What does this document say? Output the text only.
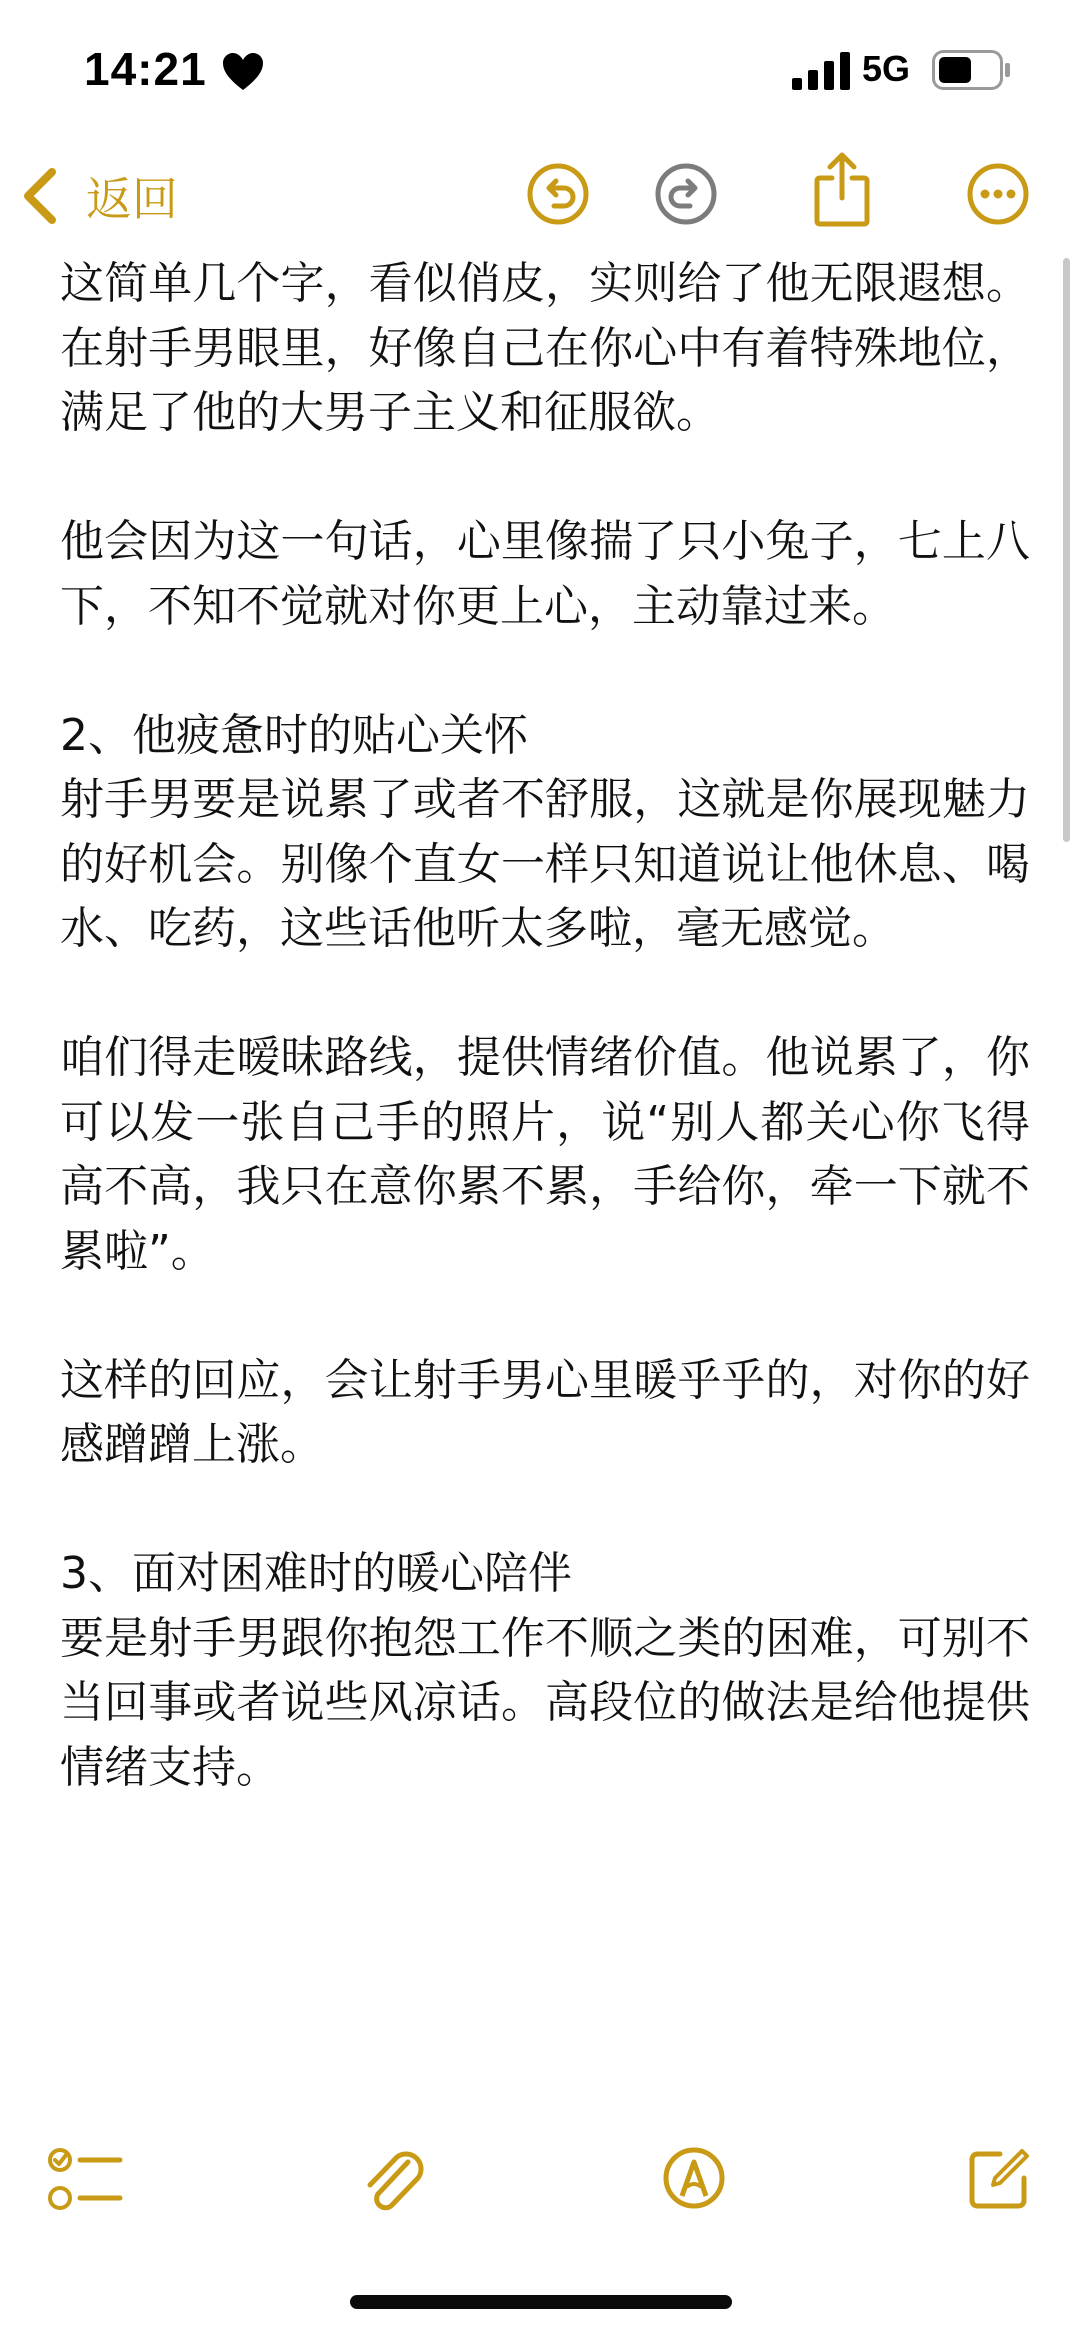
14:21	5G
返回

这简单几个字，看似俏皮，实则给了他无限遐想。在射手男眼里，好像自己在你心中有着特殊地位，满足了他的大男子主义和征服欲。

他会因为这一句话，心里像揣了只小兔子，七上八下，不知不觉就对你更上心，主动靠过来。

2、他疲惫时的贴心关怀
射手男要是说累了或者不舒服，这就是你展现魅力的好机会。别像个直女一样只知道说让他休息、喝水、吃药，这些话他听太多啦，毫无感觉。

咱们得走暧昧路线，提供情绪价值。他说累了，你可以发一张自己手的照片，说“别人都关心你飞得高不高，我只在意你累不累，手给你，牵一下就不累啦”。

这样的回应，会让射手男心里暖乎乎的，对你的好感蹭蹭上涨。

3、面对困难时的暖心陪伴
要是射手男跟你抱怨工作不顺之类的困难，可别不当回事或者说些风凉话。高段位的做法是给他提供情绪支持。
